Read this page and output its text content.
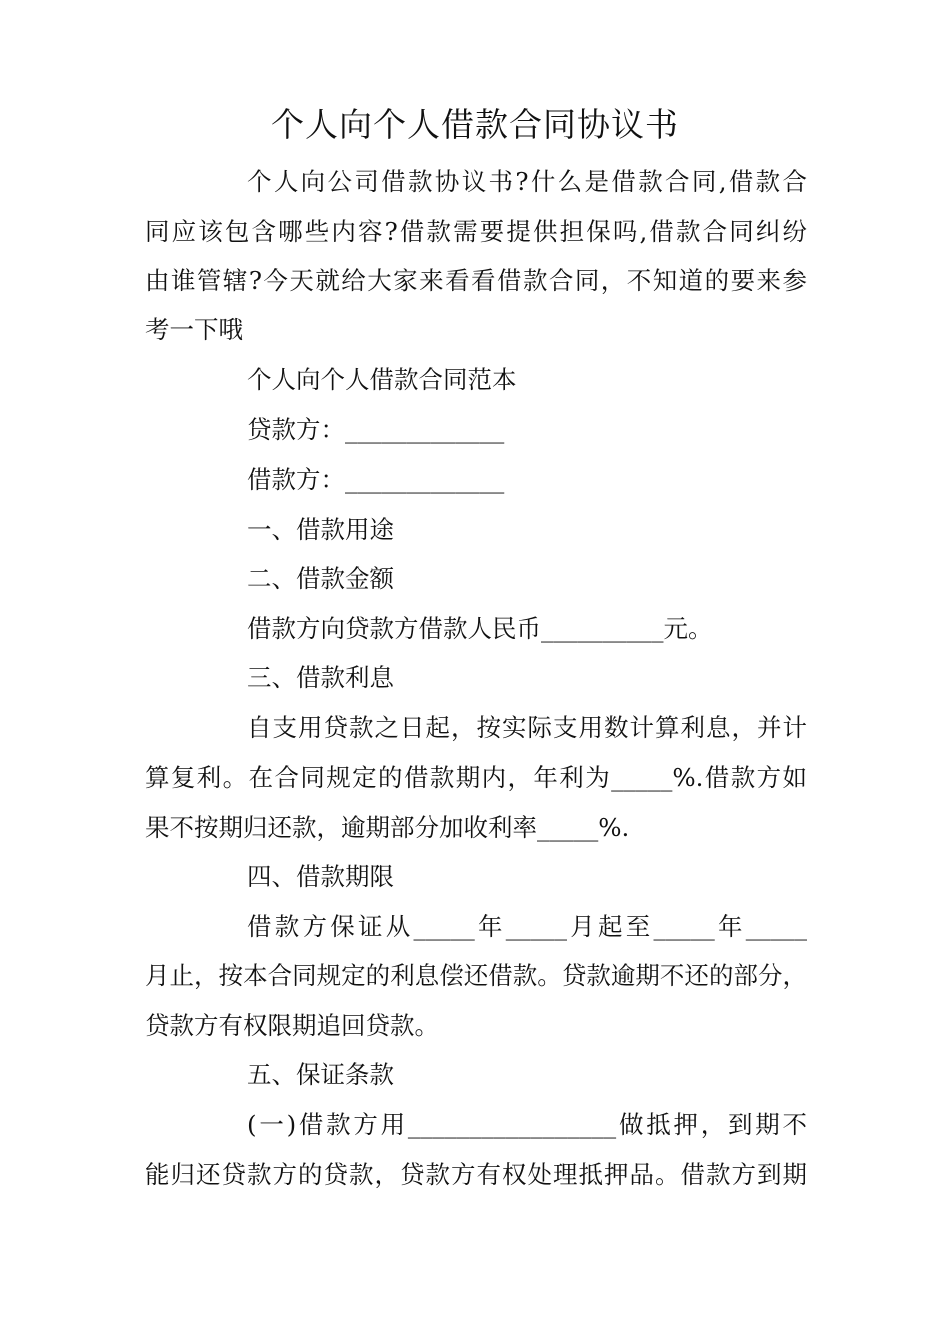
个人向个人借款合同协议书
个人向公司借款协议书?什么是借款合同,借款合
同应该包含哪些内容?借款需要提供担保吗,借款合同纠纷
由谁管辖?今天就给大家来看看借款合同，不知道的要来参
考一下哦
个人向个人借款合同范本
贷款方：_____________
借款方：_____________
一、借款用途
二、借款金额
借款方向贷款方借款人民币__________元。
三、借款利息
自支用贷款之日起，按实际支用数计算利息，并计
算复利。在合同规定的借款期内，年利为_____%.借款方如
果不按期归还款，逾期部分加收利率_____%.
四、借款期限
借款方保证从_____年_____月起至_____年_____
月止，按本合同规定的利息偿还借款。贷款逾期不还的部分，
贷款方有权限期追回贷款。
五、保证条款
(一)借款方用_________________做抵押，到期不
能归还贷款方的贷款，贷款方有权处理抵押品。借款方到期
